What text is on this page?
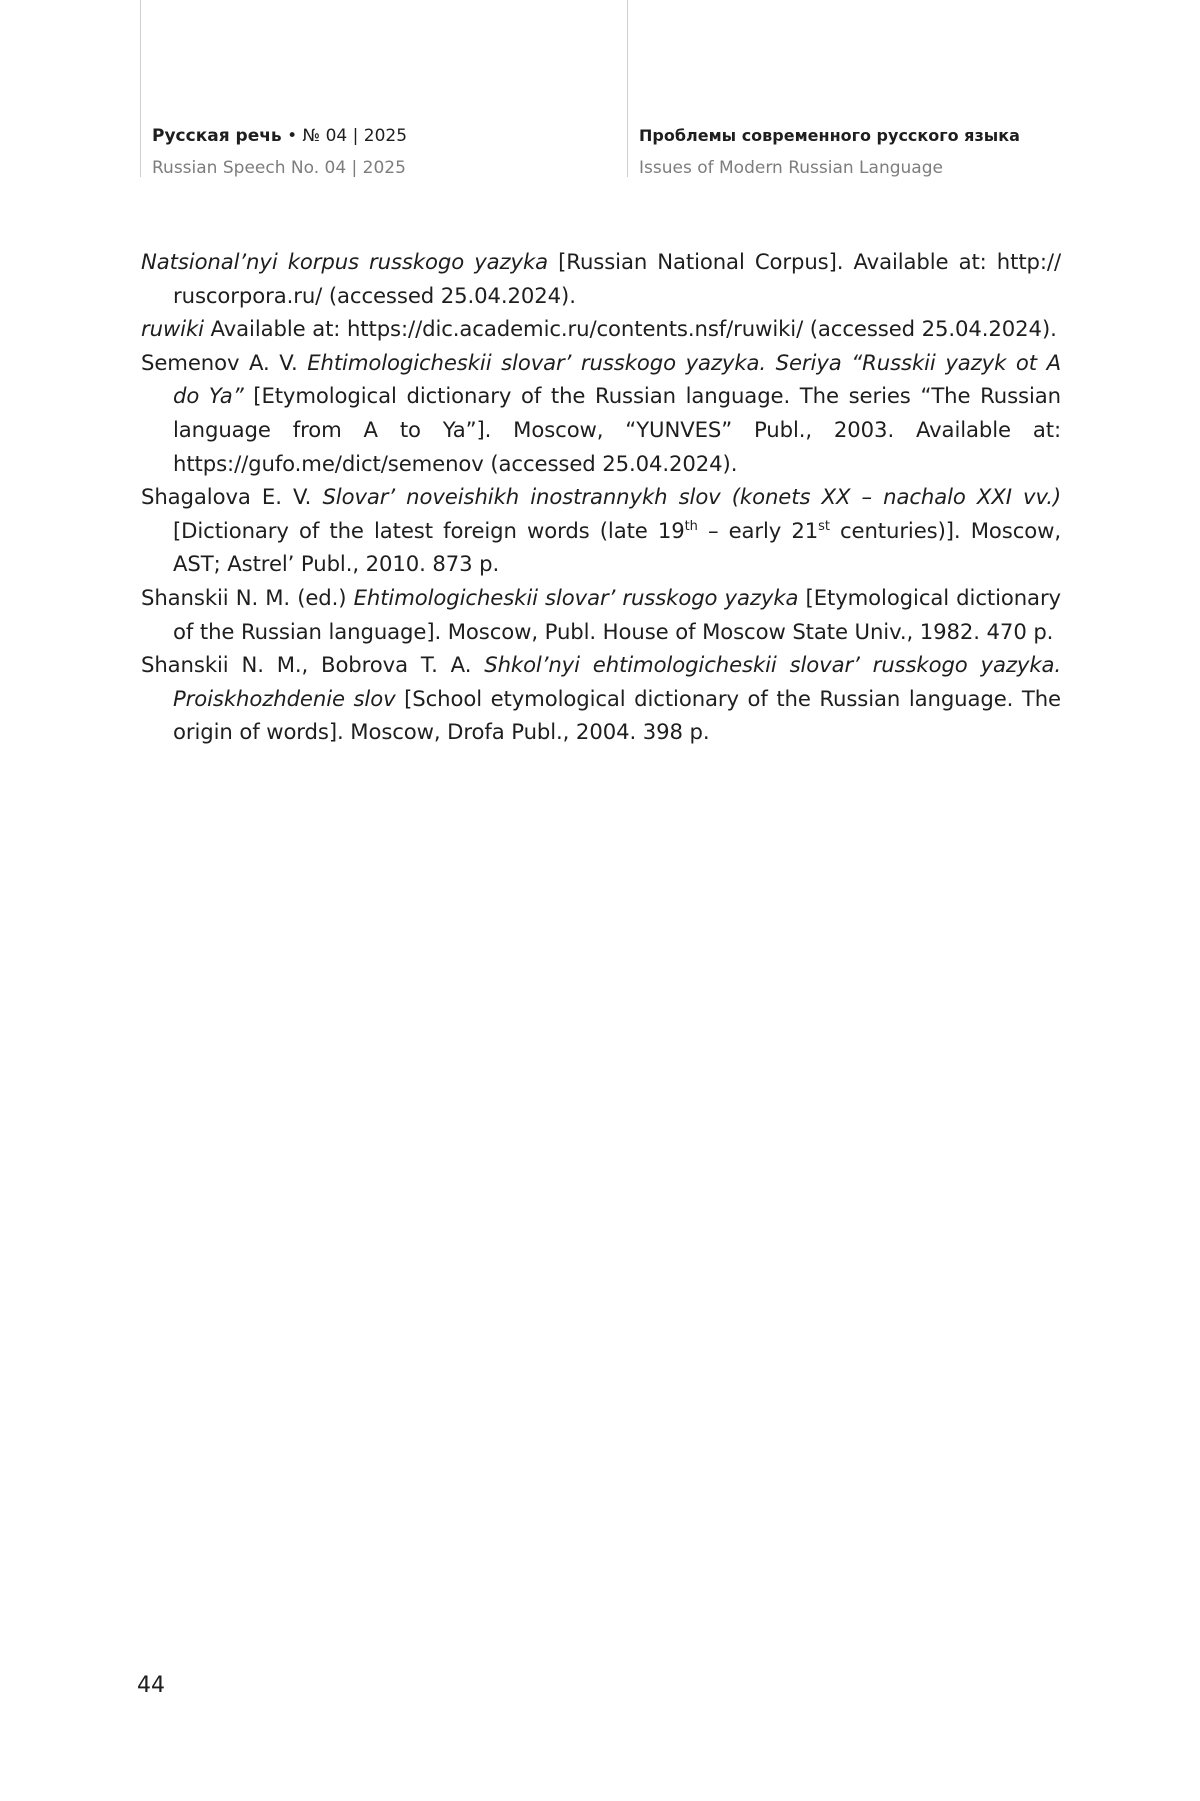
Русская речь • № 04 | 2025
Russian Speech No. 04 | 2025
Проблемы современного русского языка
Issues of Modern Russian Language

Natsional’nyi korpus russkogo yazyka [Russian National Corpus]. Available at: http:// ruscorpora.ru/ (accessed 25.04.2024).

ruwiki Available at: https://dic.academic.ru/contents.nsf/ruwiki/ (accessed 25.04.2024).

Semenov A. V. Ehtimologicheskii slovar’ russkogo yazyka. Seriya “Russkii yazyk ot A do Ya” [Etymological dictionary of the Russian language. The series “The Russian language from A to Ya”]. Moscow, “YUNVES” Publ., 2003. Available at: https://gufo.me/dict/semenov (accessed 25.04.2024).

Shagalova E. V. Slovar’ noveishikh inostrannykh slov (konets XX – nachalo XXI vv.) [Dictionary of the latest foreign words (late 19th – early 21st centuries)]. Moscow, AST; Astrel’ Publ., 2010. 873 p.

Shanskii N. M. (ed.) Ehtimologicheskii slovar’ russkogo yazyka [Etymological dictionary of the Russian language]. Moscow, Publ. House of Moscow State Univ., 1982. 470 p.

Shanskii N. M., Bobrova T. A. Shkol’nyi ehtimologicheskii slovar’ russkogo yazyka. Proiskhozhdenie slov [School etymological dictionary of the Russian language. The origin of words]. Moscow, Drofa Publ., 2004. 398 p.

44
